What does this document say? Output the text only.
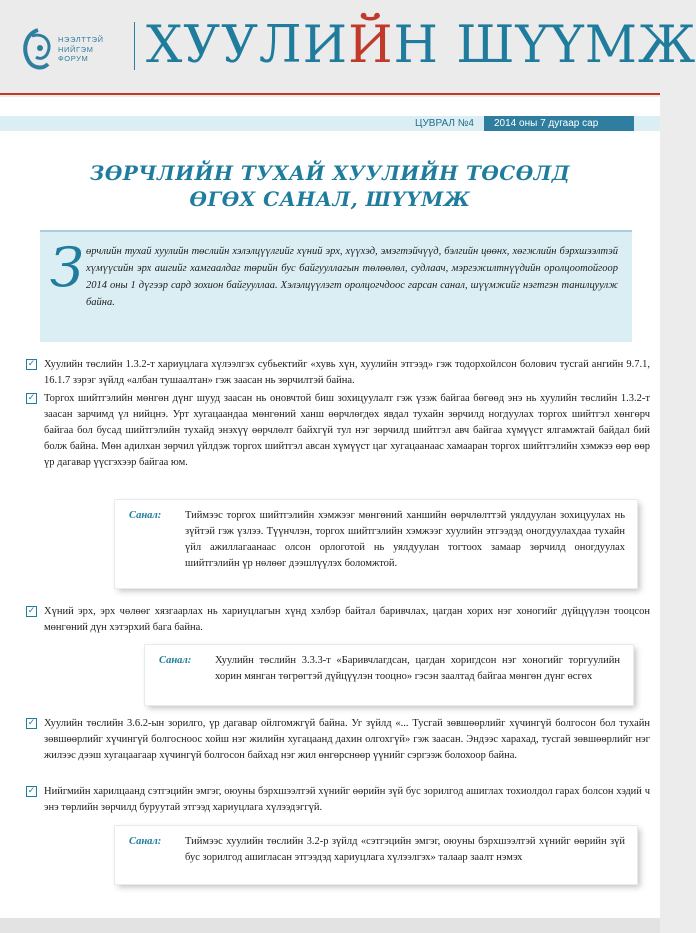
НЭЭЛТТЭЙ
НИЙГЭМ
ФОРУМ ХУУЛИЙН ШҮҮМЖ
ЦУВРАЛ №4	2014 оны 7 дугаар сар
ЗӨРЧЛИЙН ТУХАЙ ХУУЛИЙН ТӨСӨЛД
ӨГӨХ САНАЛ, ШҮҮМЖ
З өрчлийн тухай хуулийн төслийн хэлэлцүүлгийг хүний эрх, хүүхэд, эмэгтэйчүүд, бэлгийн цөөнх, хөгжлийн бэрхшээлтэй хүмүүсийн эрх ашгийг хамгаалдаг төрийн бус байгууллагын төлөөлөл, судлаач, мэргэжилтнүүдийн оролцоотойгоор 2014 оны 1 дүгээр сард зохион байгууллаа. Хэлэлцүүлэгт оролцогчдоос гарсан санал, шүүмжийг нэгтгэн танилцуулж байна.
✓ Хуулийн төслийн 1.3.2-т хариуцлага хүлээлгэх субьектийг «хувь хүн, хуулийн этгээд» гэж тодорхойлсон болович тусгай ангийн 9.7.1, 16.1.7 зэрэг зүйлд «албан тушаалтан» гэж заасан нь зөрчилтэй байна.
✓ Торгох шийтгэлийн мөнгөн дүнг шууд заасан нь оновчтой биш зохицуулалт гэж үзэж байгаа бөгөөд энэ нь хуулийн төслийн 1.3.2-т заасан зарчимд үл нийцнэ. Урт хугацаандаа мөнгөний ханш өөрчлөгдөх явдал тухайн зөрчилд ногдуулах торгох шийтгэл хөнгөрч байгаа бол бусад шийтгэлийн тухайд энэхүү өөрчлөлт байхгүй тул нэг зөрчилд шийтгэл авч байгаа хүмүүст ялгамжтай байдал бий болж байна. Мөн адилхан зөрчил үйлдэж торгох шийтгэл авсан хүмүүст цаг хугацаанаас хамааран торгох шийтгэлийн хэмжээ өөр өөр үр дагавар үүсгэхээр байгаа юм.
Санал: Тиймээс торгох шийтгэлийн хэмжээг мөнгөний ханшийн өөрчлөлттэй уялдуулан зохицуулах нь зүйтэй гэж үзлээ. Түүнчлэн, торгох шийтгэлийн хэмжээг хуулийн этгээдэд оногдуулахдаа тухайн үйл ажиллагаанаас олсон орлоготой нь уялдуулан тогтоох замаар зөрчилд оногдуулах шийтгэлийн үр нөлөөг дээшлүүлэх боломжтой.
✓ Хүний эрх, эрх чөлөөг хязгаарлах нь хариуцлагын хүнд хэлбэр байтал баривчлах, цагдан хорих нэг хоногийг дүйцүүлэн тооцсон мөнгөний дүн хэтэрхий бага байна.
Санал: Хуулийн төслийн 3.3.3-т «Баривчлагдсан, цагдан хоригдсон нэг хоногийг торгуулийн хорин мянган төгрөгтэй дүйцүүлэн тооцно» гэсэн заалтад байгаа мөнгөн дүнг өсгөх
✓ Хуулийн төслийн 3.6.2-ын зорилго, үр дагавар ойлгомжгүй байна. Уг зүйлд «... Тусгай зөвшөөрлийг хүчингүй болгосон бол тухайн зөвшөөрлийг хүчингүй болгосноос хойш нэг жилийн хугацаанд дахин олгохгүй» гэж заасан. Эндээс харахад, тусгай зөвшөөрлийг нэг жилээс дээш хугацаагаар хүчингүй болгосон байхад нэг жил өнгөрснөөр үүнийг сэргээж болохоор байна.
✓ Нийгмийн харилцаанд сэтгэцийн эмгэг, оюуны бэрхшээлтэй хүнийг өөрийн зүй бус зорилгод ашиглах тохиолдол гарах болсон хэдий ч энэ төрлийн зөрчилд буруутай этгээд хариуцлага хүлээдэггүй.
Санал: Тиймээс хуулийн төслийн 3.2-р зүйлд «сэтгэцийн эмгэг, оюуны бэрхшээлтэй хүнийг өөрийн зүй бус зорилгод ашигласан этгээдэд хариуцлага хүлээлгэх» талаар заалт нэмэх
